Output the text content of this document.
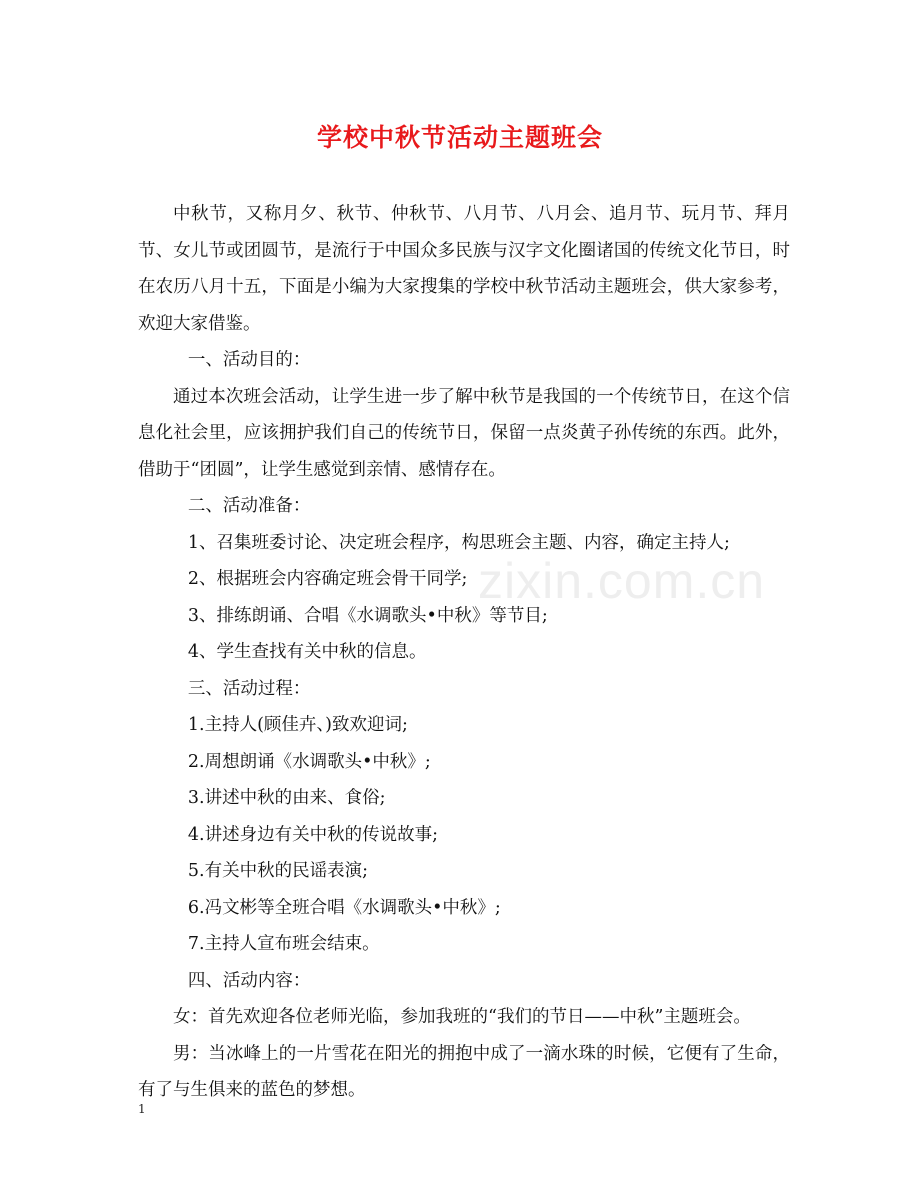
zixin.com.cn
学校中秋节活动主题班会

中秋节，又称月夕、秋节、仲秋节、八月节、八月会、追月节、玩月节、拜月节、女儿节或团圆节，是流行于中国众多民族与汉字文化圈诸国的传统文化节日，时在农历八月十五，下面是小编为大家搜集的学校中秋节活动主题班会，供大家参考，欢迎大家借鉴。

一、活动目的：

通过本次班会活动，让学生进一步了解中秋节是我国的一个传统节日，在这个信息化社会里，应该拥护我们自己的传统节日，保留一点炎黄子孙传统的东西。此外，借助于“团圆”，让学生感觉到亲情、感情存在。

二、活动准备：

1、召集班委讨论、决定班会程序，构思班会主题、内容，确定主持人;

2、根据班会内容确定班会骨干同学;

3、排练朗诵、合唱《水调歌头•中秋》等节目;

4、学生查找有关中秋的信息。

三、活动过程：

1.主持人(顾佳卉、)致欢迎词;

2.周想朗诵《水调歌头•中秋》;

3.讲述中秋的由来、食俗;

4.讲述身边有关中秋的传说故事;

5.有关中秋的民谣表演;

6.冯文彬等全班合唱《水调歌头•中秋》;

7.主持人宣布班会结束。

四、活动内容：

女：首先欢迎各位老师光临，参加我班的“我们的节日——中秋”主题班会。

男：当冰峰上的一片雪花在阳光的拥抱中成了一滴水珠的时候，它便有了生命，有了与生俱来的蓝色的梦想。

1
